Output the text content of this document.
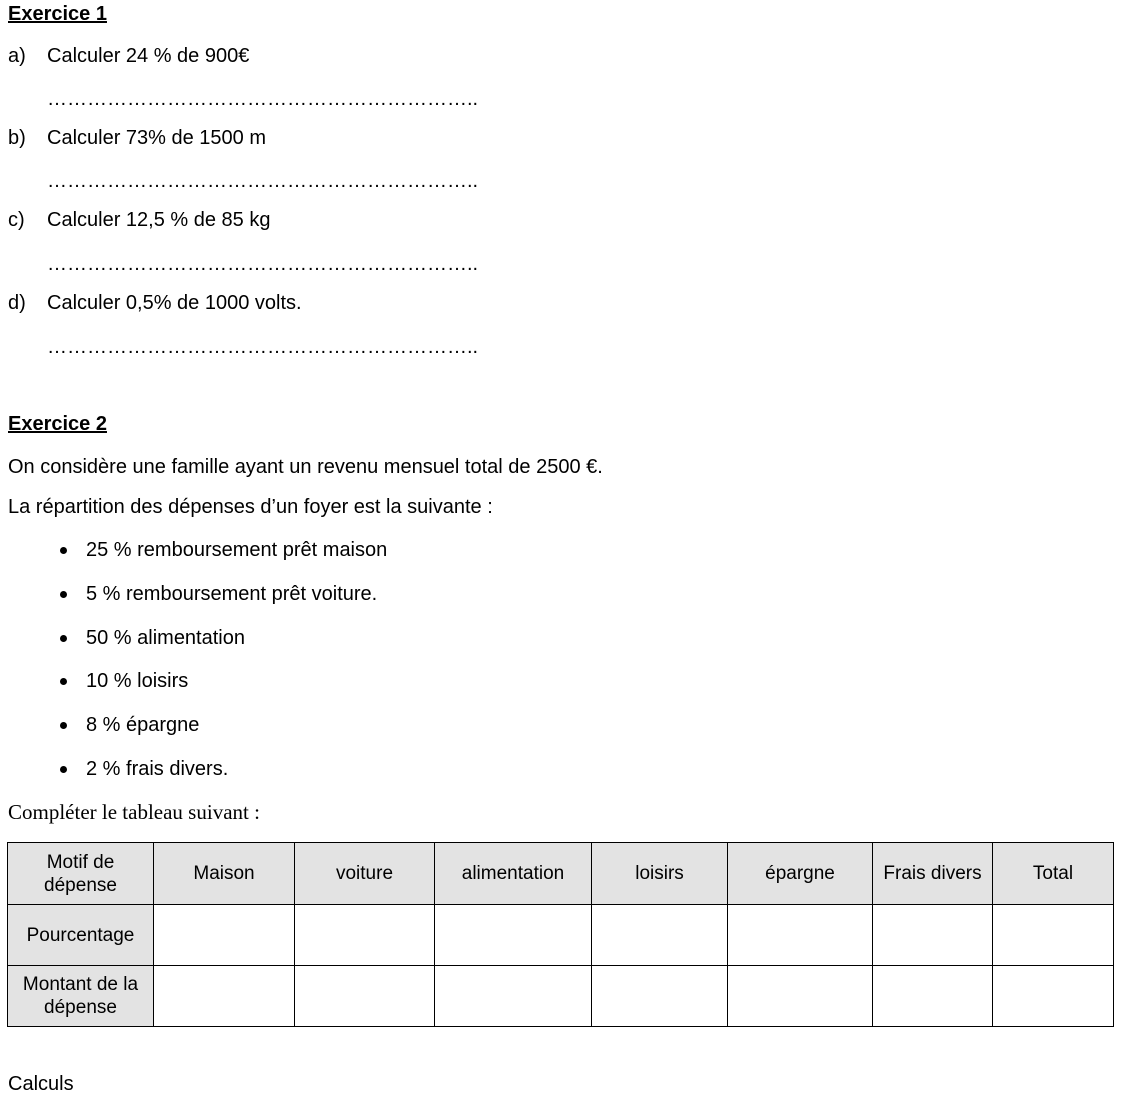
Exercice 1
a) Calculer 24 % de 900€
………………………………………………………..
b) Calculer 73% de 1500 m
………………………………………………………..
c) Calculer 12,5 % de 85 kg
………………………………………………………..
d) Calculer 0,5% de 1000 volts.
………………………………………………………..
Exercice 2
On considère une famille ayant un revenu mensuel total de 2500 €.
La répartition des dépenses d’un foyer est la suivante :
25 % remboursement prêt maison
5 % remboursement prêt voiture.
50 % alimentation
10 % loisirs
8 % épargne
2 % frais divers.
Compléter le tableau suivant :
Motif de dépense	Maison	voiture	alimentation	loisirs	épargne	Frais divers	Total
Pourcentage							
Montant de la dépense							
Calculs
